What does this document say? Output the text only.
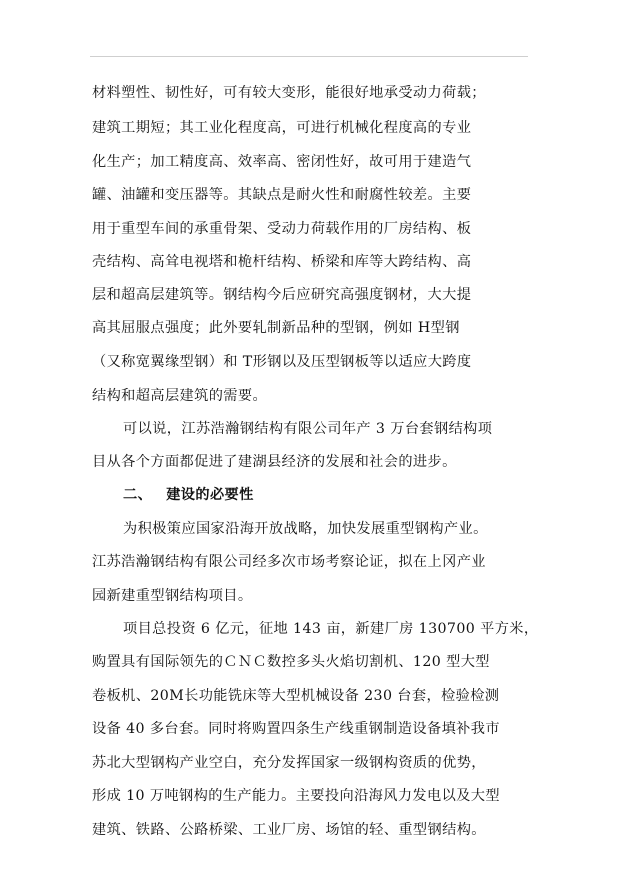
材料塑性、韧性好，可有较大变形，能很好地承受动力荷载；
建筑工期短；其工业化程度高，可进行机械化程度高的专业
化生产；加工精度高、效率高、密闭性好，故可用于建造气
罐、油罐和变压器等。其缺点是耐火性和耐腐性较差。主要
用于重型车间的承重骨架、受动力荷载作用的厂房结构、板
壳结构、高耸电视塔和桅杆结构、桥梁和库等大跨结构、高
层和超高层建筑等。钢结构今后应研究高强度钢材，大大提
高其屈服点强度；此外要轧制新品种的型钢，例如 H型钢
（又称宽翼缘型钢）和 T形钢以及压型钢板等以适应大跨度
结构和超高层建筑的需要。
可以说，江苏浩瀚钢结构有限公司年产 3 万台套钢结构项
目从各个方面都促进了建湖县经济的发展和社会的进步。
二、 建设的必要性
为积极策应国家沿海开放战略，加快发展重型钢构产业。
江苏浩瀚钢结构有限公司经多次市场考察论证，拟在上冈产业
园新建重型钢结构项目。
项目总投资 6 亿元，征地 143 亩，新建厂房 130700 平方米，
购置具有国际领先的ＣＮＣ数控多头火焰切割机、120 型大型
卷板机、20M长功能铣床等大型机械设备 230 台套，检验检测
设备 40 多台套。同时将购置四条生产线重钢制造设备填补我市
苏北大型钢构产业空白，充分发挥国家一级钢构资质的优势，
形成 10 万吨钢构的生产能力。主要投向沿海风力发电以及大型
建筑、铁路、公路桥梁、工业厂房、场馆的轻、重型钢结构。
